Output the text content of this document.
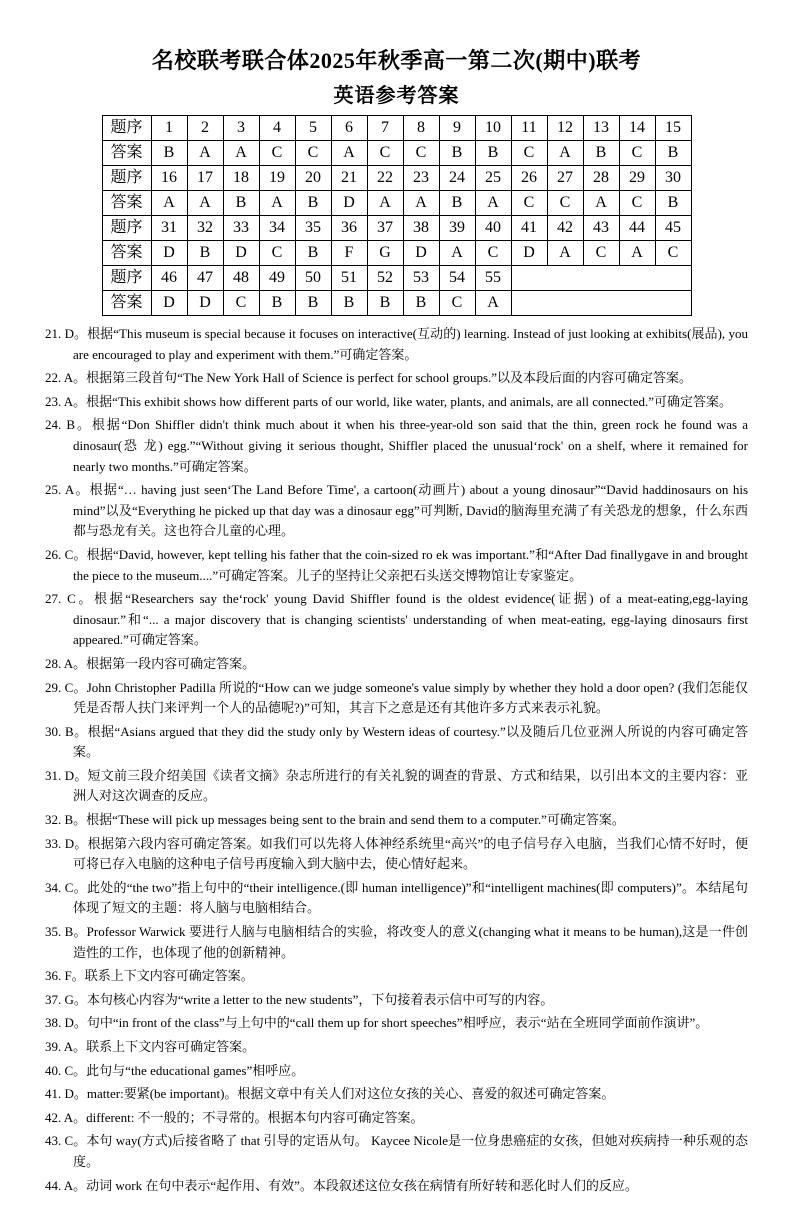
名校联考联合体2025年秋季高一第二次(期中)联考
英语参考答案
题序	1	2	3	4	5	6	7	8	9	10	11	12	13	14	15
答案	B	A	A	C	C	A	C	C	B	B	C	A	B	C	B
题序	16	17	18	19	20	21	22	23	24	25	26	27	28	29	30
答案	A	A	B	A	B	D	A	A	B	A	C	C	A	C	B
题序	31	32	33	34	35	36	37	38	39	40	41	42	43	44	45
答案	D	B	D	C	B	F	G	D	A	C	D	A	C	A	C
题序	46	47	48	49	50	51	52	53	54	55					
答案	D	D	C	B	B	B	B	B	C	A					

21. D。根据“This museum is special because it focuses on interactive(互动的) learning. Instead of just looking at exhibits(展品), you are encouraged to play and experiment with them.”可确定答案。

22. A。根据第三段首句“The New York Hall of Science is perfect for school groups.”以及本段后面的内容可确定答案。

23. A。根据“This exhibit shows how different parts of our world, like water, plants, and animals, are all connected.”可确定答案。

24. B。根据“Don Shiffler didn't think much about it when his three-year-old son said that the thin, green rock he found was a dinosaur(恐 龙) egg.”“Without giving it serious thought, Shiffler placed the unusual‘rock' on a shelf, where it remained for nearly two months.”可确定答案。

25. A。根据“… having just seen‘The Land Before Time', a cartoon(动画片) about a young dinosaur”“David haddinosaurs on his mind”以及“Everything he picked up that day was a dinosaur egg”可判断, David的脑海里充满了有关恐龙的想象，什么东西都与恐龙有关。这也符合儿童的心理。

26. C。根据“David, however, kept telling his father that the coin-sized ro ek was important.”和“After Dad finallygave in and brought the piece to the museum....”可确定答案。儿子的坚持让父亲把石头送交博物馆让专家鉴定。

27. C。根据“Researchers say the‘rock' young David Shiffler found is the oldest evidence(证据) of a meat-eating,egg-laying dinosaur.”和“... a major discovery that is changing scientists' understanding of when meat-eating, egg-laying dinosaurs first appeared.”可确定答案。

28. A。根据第一段内容可确定答案。

29. C。John Christopher Padilla 所说的“How can we judge someone's value simply by whether they hold a door open? (我们怎能仅凭是否帮人扶门来评判一个人的品德呢?)”可知，其言下之意是还有其他许多方式来表示礼貌。

30. B。根据“Asians argued that they did the study only by Western ideas of courtesy.”以及随后几位亚洲人所说的内容可确定答案。

31. D。短文前三段介绍美国《读者文摘》杂志所进行的有关礼貌的调查的背景、方式和结果，以引出本文的主要内容：亚洲人对这次调查的反应。

32. B。根据“These will pick up messages being sent to the brain and send them to a computer.”可确定答案。

33. D。根据第六段内容可确定答案。如我们可以先将人体神经系统里“高兴”的电子信号存入电脑，当我们心情不好时，便可将已存入电脑的这种电子信号再度输入到大脑中去，使心情好起来。

34. C。此处的“the two”指上句中的“their intelligence.(即 human intelligence)”和“intelligent machines(即 computers)”。本结尾句体现了短文的主题：将人脑与电脑相结合。

35. B。Professor Warwick 要进行人脑与电脑相结合的实验，将改变人的意义(changing what it means to be human),这是一件创造性的工作，也体现了他的创新精神。

36. F。联系上下文内容可确定答案。

37. G。本句核心内容为“write a letter to the new students”，下句接着表示信中可写的内容。

38. D。句中“in front of the class”与上句中的“call them up for short speeches”相呼应，表示“站在全班同学面前作演讲”。

39. A。联系上下文内容可确定答案。

40. C。此句与“the educational games”相呼应。

41. D。matter:要紧(be important)。根据文章中有关人们对这位女孩的关心、喜爱的叙述可确定答案。

42. A。different: 不一般的；不寻常的。根据本句内容可确定答案。

43. C。本句 way(方式)后接省略了 that 引导的定语从句。 Kaycee Nicole是一位身患癌症的女孩，但她对疾病持一种乐观的态度。

44. A。动词 work 在句中表示“起作用、有效”。本段叙述这位女孩在病情有所好转和恶化时人们的反应。
